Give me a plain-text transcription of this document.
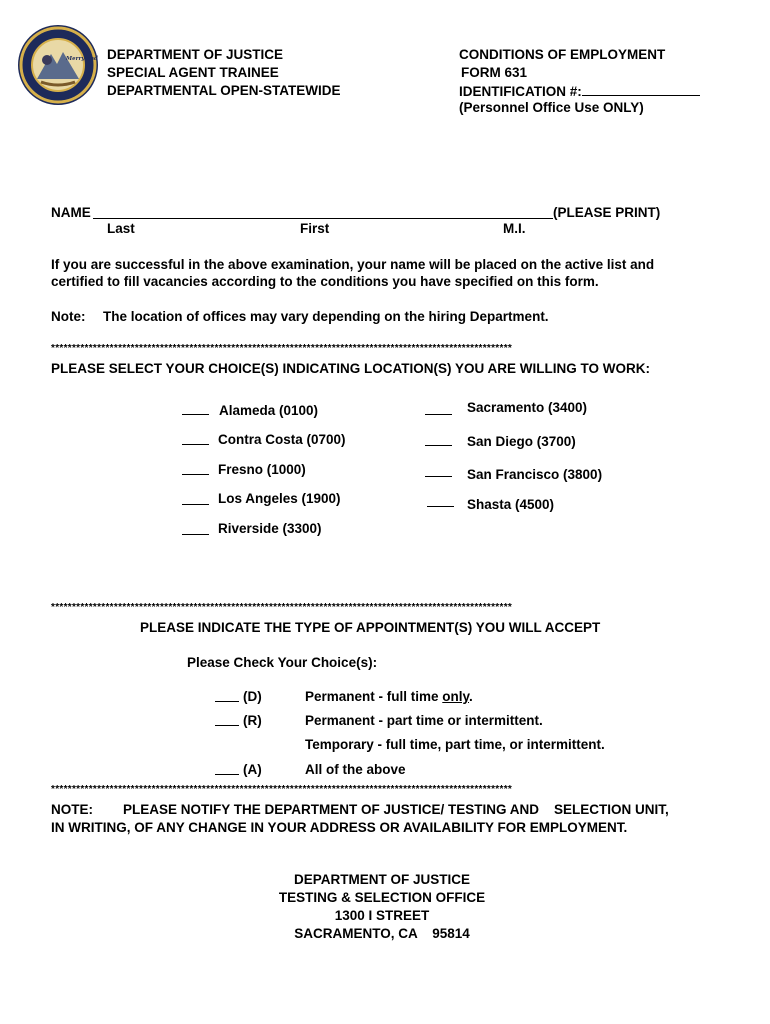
Merry and DEPARTMENT OF JUSTICE
SPECIAL AGENT TRAINEE
DEPARTMENTAL OPEN-STATEWIDE
CONDITIONS OF EMPLOYMENT
FORM 631
IDENTIFICATION #:
(Personnel Office Use ONLY)
NAME	(PLEASE PRINT)
Last	First	M.I.
If you are successful in the above examination, your name will be placed on the active list and
certified to fill vacancies according to the conditions you have specified on this form.
Note: The location of offices may vary depending on the hiring Department.
**************************************************************************************************************
PLEASE SELECT YOUR CHOICE(S) INDICATING LOCATION(S) YOU ARE WILLING TO WORK:
Alameda (0100)
Contra Costa (0700)
Fresno (1000)
Los Angeles (1900)
Riverside (3300)
Sacramento (3400)
San Diego (3700)
San Francisco (3800)
Shasta (4500)
**************************************************************************************************************
PLEASE INDICATE THE TYPE OF APPOINTMENT(S) YOU WILL ACCEPT
Please Check Your Choice(s):
(D)	Permanent - full time only.
(R)	Permanent - part time or intermittent.
Temporary - full time, part time, or intermittent.
(A)	All of the above
**************************************************************************************************************
NOTE: PLEASE NOTIFY THE DEPARTMENT OF JUSTICE/ TESTING AND    SELECTION UNIT,
IN WRITING, OF ANY CHANGE IN YOUR ADDRESS OR AVAILABILITY FOR EMPLOYMENT.
DEPARTMENT OF JUSTICE
TESTING & SELECTION OFFICE
1300 I STREET
SACRAMENTO, CA    95814
